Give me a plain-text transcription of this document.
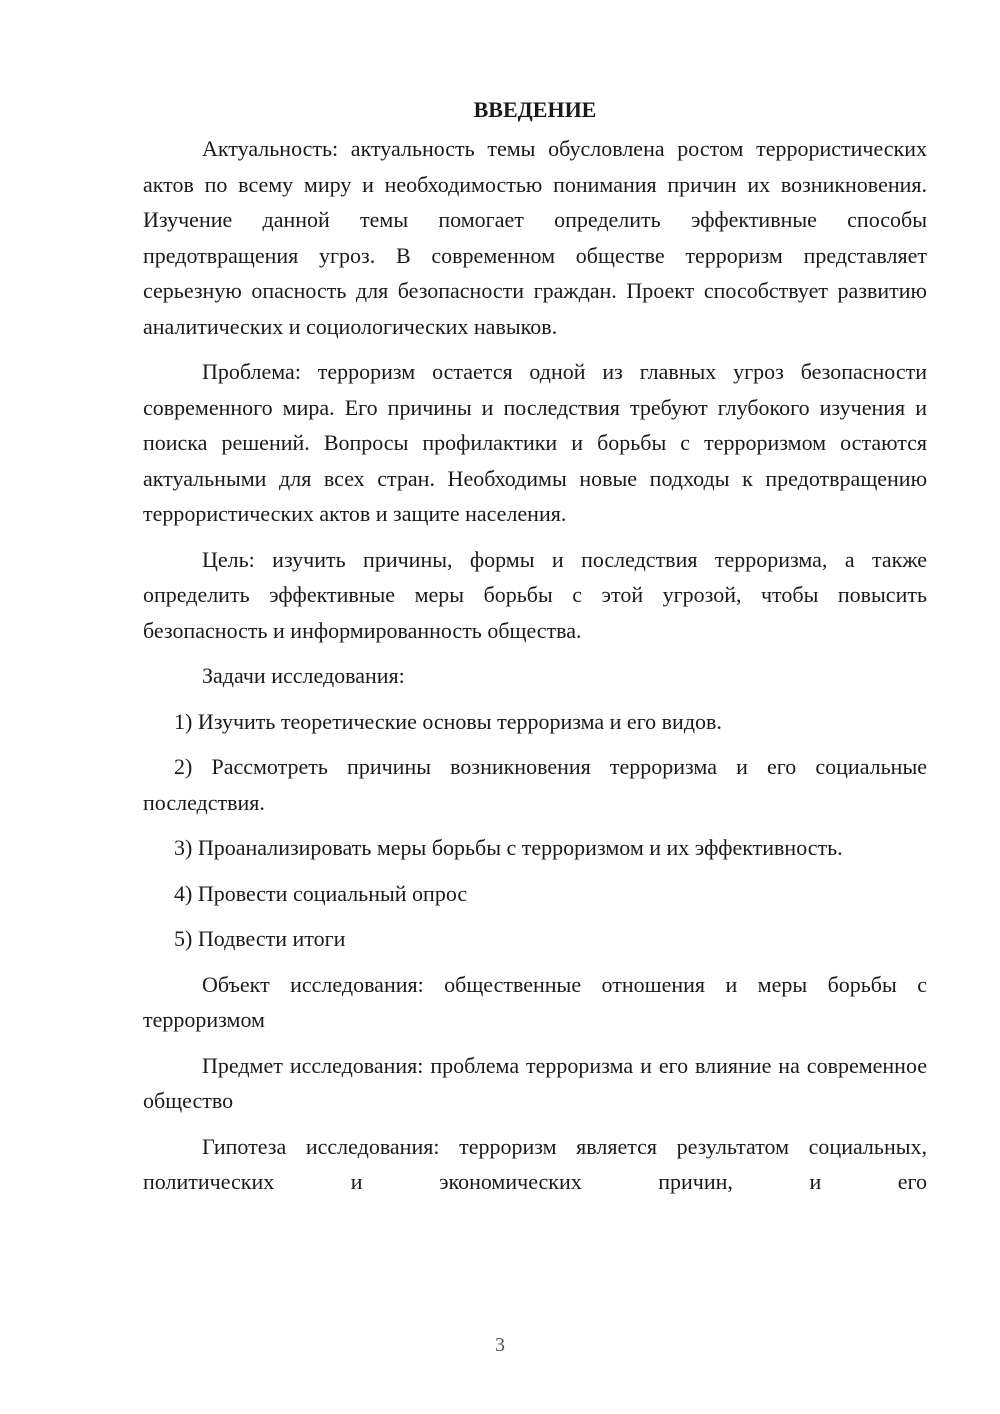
ВВЕДЕНИЕ

Актуальность: актуальность темы обусловлена ростом террористических актов по всему миру и необходимостью понимания причин их возникновения. Изучение данной темы помогает определить эффективные способы предотвращения угроз. В современном обществе терроризм представляет серьезную опасность для безопасности граждан. Проект способствует развитию аналитических и социологических навыков.

Проблема: терроризм остается одной из главных угроз безопасности современного мира. Его причины и последствия требуют глубокого изучения и поиска решений. Вопросы профилактики и борьбы с терроризмом остаются актуальными для всех стран. Необходимы новые подходы к предотвращению террористических актов и защите населения.

Цель: изучить причины, формы и последствия терроризма, а также определить эффективные меры борьбы с этой угрозой, чтобы повысить безопасность и информированность общества.

Задачи исследования:

1) Изучить теоретические основы терроризма и его видов.

2) Рассмотреть причины возникновения терроризма и его социальные последствия.

3) Проанализировать меры борьбы с терроризмом и их эффективность.

4) Провести социальный опрос

5) Подвести итоги

Объект исследования: общественные отношения и меры борьбы с терроризмом

Предмет исследования: проблема терроризма и его влияние на современное общество

Гипотеза исследования: терроризм является результатом социальных, политических и экономических причин, и его

3
